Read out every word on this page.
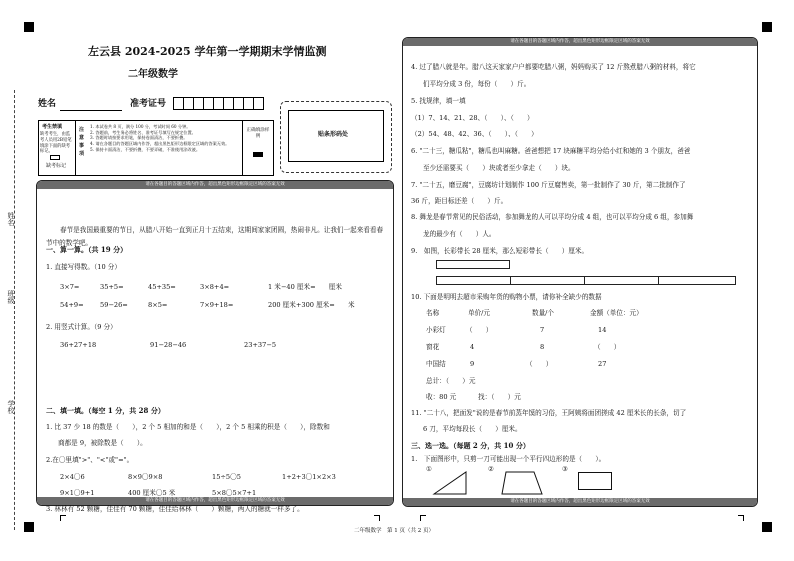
姓名
班级
学校
左云县 2024-2025 学年第一学期期末学情监测
二年级数学
姓名	准考证号
贴条形码处
考生禁填
缺考考生，由监考人员用2B铅笔填涂下面的缺考标记。
缺考标记
注意事项
1. 本试卷共 8 页，满分 100 分，考试时间 60 分钟。
2. 答题前，考生务必将姓名、准考证号填写在规定位置。
3. 答题时请按要求用笔，保持卷面清洁，不要折叠。
4. 请在各题目的答题区域内作答，超出黑色矩形边框限定区域的答案无效。
5. 保持卡面清洁，不要折叠，不要弄破，不准使用涂改液。
正确填涂样例
请在各题目的答题区域内作答，超出黑色矩形边框限定区域的答案无效
请在各题目的答题区域内作答，超出黑色矩形边框限定区域的答案无效
春节是我国最重要的节日，从腊八开始一直到正月十五结束，这期间家家团圆，热闹非凡。让我们一起来看看春节中的数学吧。
一、算一算。（共 19 分）
1. 直接写得数。（10 分）
3×7=	35+5=	45+35=	3×8+4=	1 米−40 厘米=　　厘米
54+9= 59−26=	8×5=	7×9+18=	200 厘米+300 厘米=　　米
2. 用竖式计算。（9 分）
36+27+18	91−28−46	23+37−5
二、填一填。（每空 1 分，共 28 分）
1. 比 37 少 18 的数是（　　），2 个 5 相加的和是（　　），2 个 5 相乘的积是（　　），除数和
商都是 9，被除数是（　　）。
2.在〇里填">"、"<"或"="。
2×4〇6	8×9〇9×8	15÷5〇5	1+2+3〇1×2×3
9×1〇9+1	400 厘米〇5 米	5×8〇5×7+1
3. 林林有 52 颗糖，佳佳有 70 颗糖，佳佳给林林（　　）颗糖，两人的糖就一样多了。
请在各题目的答题区域内作答，超出黑色矩形边框限定区域的答案无效
请在各题目的答题区域内作答，超出黑色矩形边框限定区域的答案无效
4. 过了腊八就是年。腊八这天家家户户都要吃腊八粥，妈妈购买了 12 斤熬煮腊八粥的材料，将它
们平均分成 3 份，每份（　　）斤。
5. 找规律，填一填
（1）7、14、21、28、（　　）、（　　）
（2）54、48、42、36、（　　）、（　　）
6. "二十三，糖瓜粘"，糖瓜也叫麻糖。爸爸想把 17 块麻糖平均分给小红和她的 3 个朋友，爸爸
至少还需要买（　　）块或者至少拿走（　　）块。
7. "二十五，磨豆腐"，豆腐坊计划制作 100 斤豆腐售卖，第一批制作了 30 斤，第二批制作了
36 斤，距目标还差（　　）斤。
8. 舞龙是春节常见的民俗活动，参加舞龙的人可以平均分成 4 组，也可以平均分成 6 组，参加舞
龙的最少有（　　）人。
9.　如图，长彩带长 28 厘米，那么短彩带长（　　）厘米。
10. 下面是明明去超市采购年货的购物小票，请你补全缺少的数据
名称	单价/元	数量/个	金额（单位：元）
小彩灯	（　　）	7	14
窗花	4	8	（　　）
中国结	9	（　　）	27
总计：（　　）元
收：80 元	找：（　　）元
11. "二十八，把面发"说的是春节前蒸年馍的习俗，王阿姨将面团搓成 42 厘米长的长条，切了
6 刀，平均每段长（　　）厘米。
三、选一选。（每题 2 分，共 10 分）
1.　下面图形中，只剪一刀可能出现一个平行四边形的是（　　）。
①	②	③
二年级数学　第 1 页（共 2 页）
